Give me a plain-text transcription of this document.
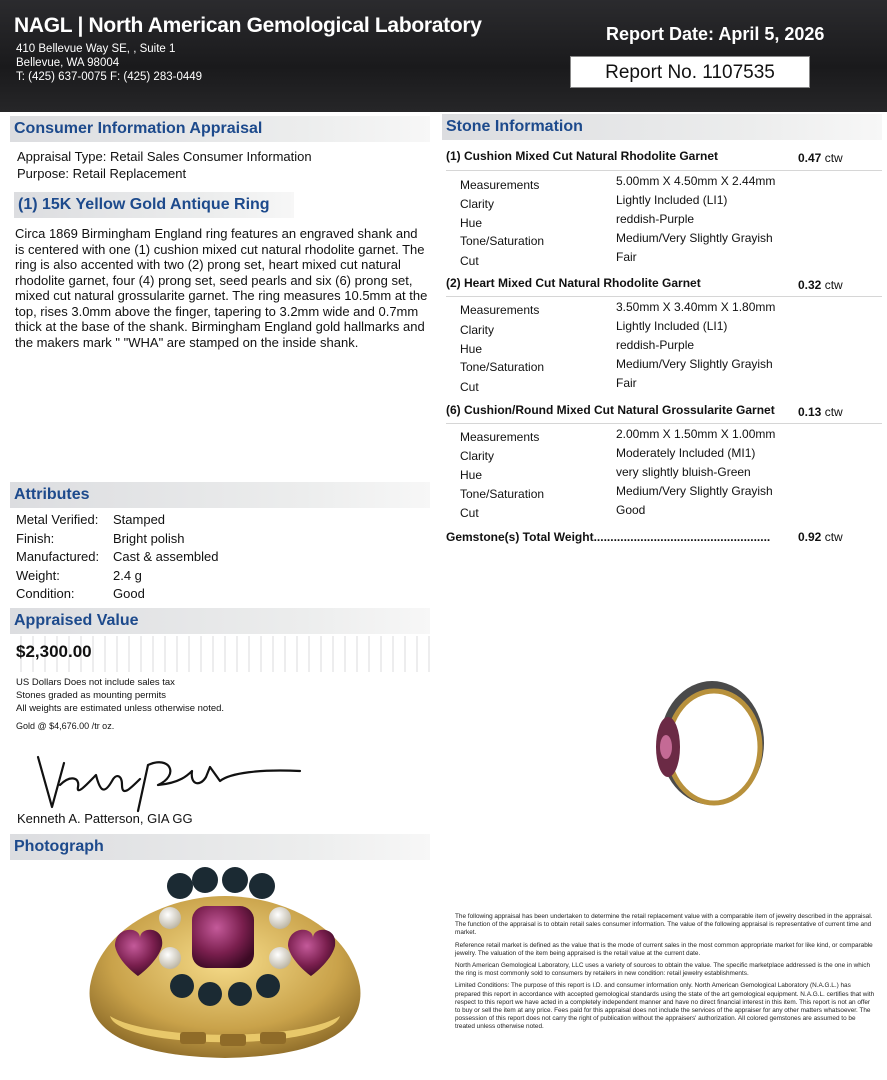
NAGL | North American Gemological Laboratory
410 Bellevue Way SE, , Suite 1
Bellevue, WA 98004
T: (425) 637-0075 F: (425) 283-0449
Report Date: April 5, 2026
Report No. 1107535
Consumer Information Appraisal
Appraisal Type: Retail Sales Consumer Information
Purpose: Retail Replacement
(1) 15K Yellow Gold Antique Ring
Circa 1869 Birmingham England ring features an engraved shank and is centered with one (1) cushion mixed cut natural rhodolite garnet. The ring is also accented with two (2) prong set, heart mixed cut natural rhodolite garnet, four (4) prong set, seed pearls and six (6) prong set, mixed cut natural grossularite garnet. The ring measures 10.5mm at the top, rises 3.0mm above the finger, tapering to 3.2mm wide and 0.7mm thick at the base of the shank. Birmingham England gold hallmarks and the makers mark " "WHA" are stamped on the inside shank.
Attributes
Metal Verified:	Stamped
Finish:	Bright polish
Manufactured:	Cast & assembled
Weight:	2.4 g
Condition:	Good
Appraised Value
$2,300.00
US Dollars Does not include sales tax
Stones graded as mounting permits
All weights are estimated unless otherwise noted.
Gold @ $4,676.00 /tr oz.
Kenneth A. Patterson, GIA GG
Photograph
Stone Information
(1) Cushion Mixed Cut Natural Rhodolite Garnet	0.47 ctw
Measurements	5.00mm X 4.50mm X 2.44mm
Clarity	Lightly Included (LI1)
Hue	reddish-Purple
Tone/Saturation	Medium/Very Slightly Grayish
Cut	Fair
(2) Heart Mixed Cut Natural Rhodolite Garnet	0.32 ctw
Measurements	3.50mm X 3.40mm X 1.80mm
Clarity	Lightly Included (LI1)
Hue	reddish-Purple
Tone/Saturation	Medium/Very Slightly Grayish
Cut	Fair
(6) Cushion/Round Mixed Cut Natural Grossularite Garnet 0.13 ctw
Measurements	2.00mm X 1.50mm X 1.00mm
Clarity	Moderately Included (MI1)
Hue	very slightly bluish-Green
Tone/Saturation	Medium/Very Slightly Grayish
Cut	Good
Gemstone(s) Total Weight..................................................... 0.92 ctw

The following appraisal has been undertaken to determine the retail replacement value with a comparable item of jewelry described in the appraisal. The function of the appraisal is to obtain retail sales consumer information. The value of the following appraisal is representative of current time and market.

Reference retail market is defined as the value that is the mode of current sales in the most common appropriate market for like kind, or comparable jewelry. The valuation of the item being appraised is the retail value at the current date.

North American Gemological Laboratory, LLC uses a variety of sources to obtain the value. The specific marketplace addressed is the one in which the ring is most commonly sold to consumers by retailers in new condition: retail jewelry establishments.

Limited Conditions: The purpose of this report is I.D. and consumer information only. North American Gemological Laboratory (N.A.G.L.) has prepared this report in accordance with accepted gemological standards using the state of the art gemological equipment. N.A.G.L. certifies that with respect to this report we have acted in a completely independent manner and have no direct financial interest in this item. This report is not an offer to buy or sell the item at any price. Fees paid for this appraisal does not include the services of the appraiser for any other matters whatsoever. The possession of this report does not carry the right of publication without the appraisers' authorization. All colored gemstones are assumed to be treated unless otherwise noted.
